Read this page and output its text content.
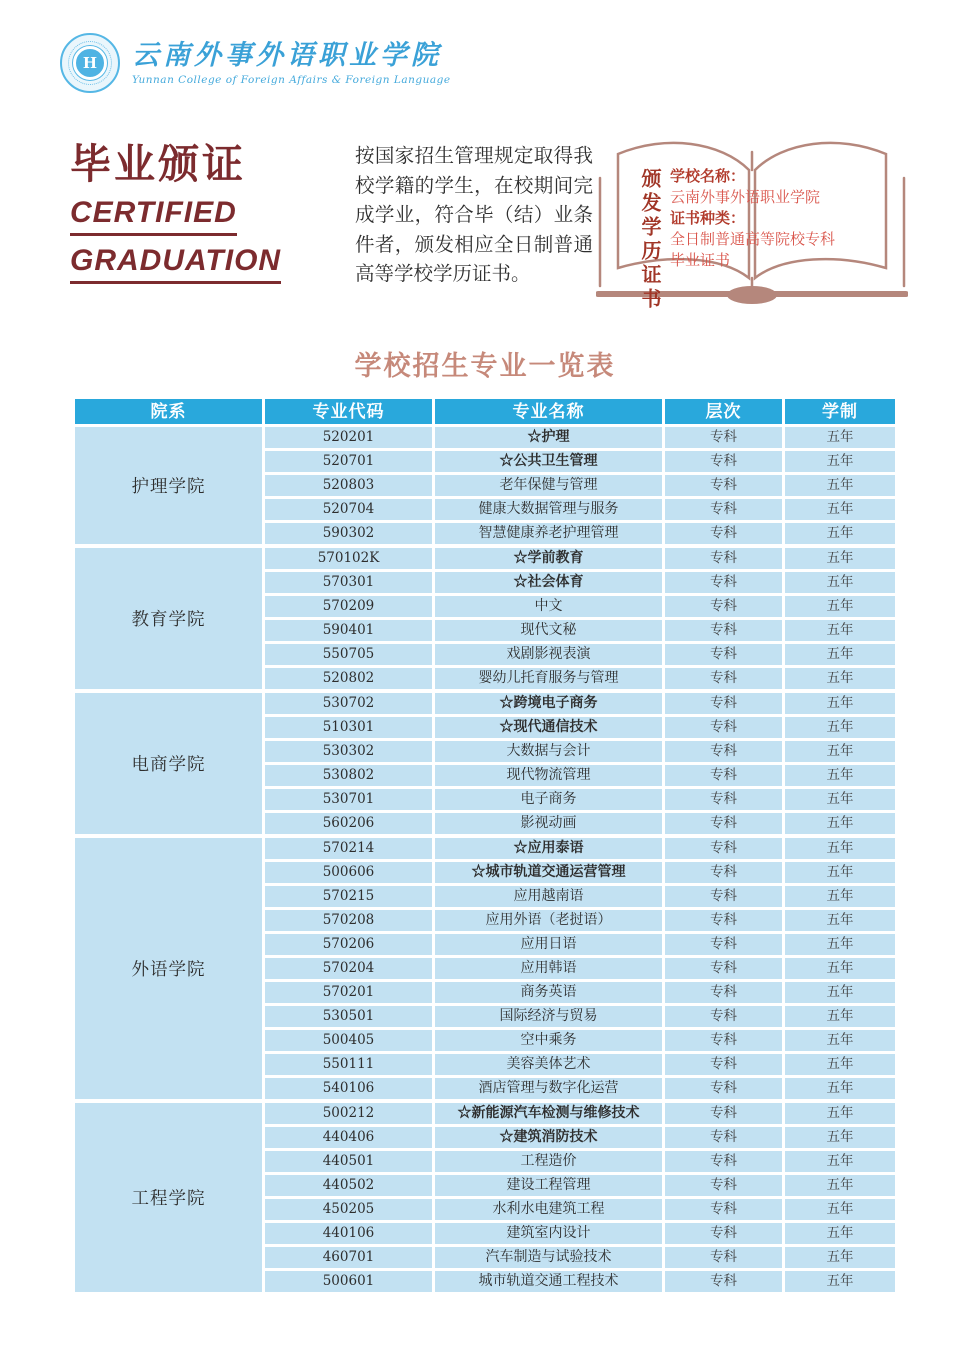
H	云南外事外语职业学院
Yunnan College of Foreign Affairs & Foreign Language
毕业颁证
CERTIFIED
GRADUATION
按国家招生管理规定取得我校学籍的学生，在校期间完成学业，符合毕（结）业条件者，颁发相应全日制普通高等学校学历证书。	颁发学历证书 学校名称：
云南外事外语职业学院
证书种类：
全日制普通高等院校专科
毕业证书
学校招生专业一览表
院系	专业代码	专业名称	层次	学制
护理学院
520201	☆护理	专科	五年
520701	☆公共卫生管理	专科	五年
520803	老年保健与管理	专科	五年
520704	健康大数据管理与服务	专科	五年
590302	智慧健康养老护理管理	专科	五年
教育学院
570102K	☆学前教育	专科	五年
570301	☆社会体育	专科	五年
570209	中文	专科	五年
590401	现代文秘	专科	五年
550705	戏剧影视表演	专科	五年
520802	婴幼儿托育服务与管理	专科	五年
电商学院
530702	☆跨境电子商务	专科	五年
510301	☆现代通信技术	专科	五年
530302	大数据与会计	专科	五年
530802	现代物流管理	专科	五年
530701	电子商务	专科	五年
560206	影视动画	专科	五年
外语学院
570214	☆应用泰语	专科	五年
500606	☆城市轨道交通运营管理	专科	五年
570215	应用越南语	专科	五年
570208	应用外语（老挝语）	专科	五年
570206	应用日语	专科	五年
570204	应用韩语	专科	五年
570201	商务英语	专科	五年
530501	国际经济与贸易	专科	五年
500405	空中乘务	专科	五年
550111	美容美体艺术	专科	五年
540106	酒店管理与数字化运营	专科	五年
工程学院
500212	☆新能源汽车检测与维修技术	专科	五年
440406	☆建筑消防技术	专科	五年
440501	工程造价	专科	五年
440502	建设工程管理	专科	五年
450205	水利水电建筑工程	专科	五年
440106	建筑室内设计	专科	五年
460701	汽车制造与试验技术	专科	五年
500601	城市轨道交通工程技术	专科	五年
